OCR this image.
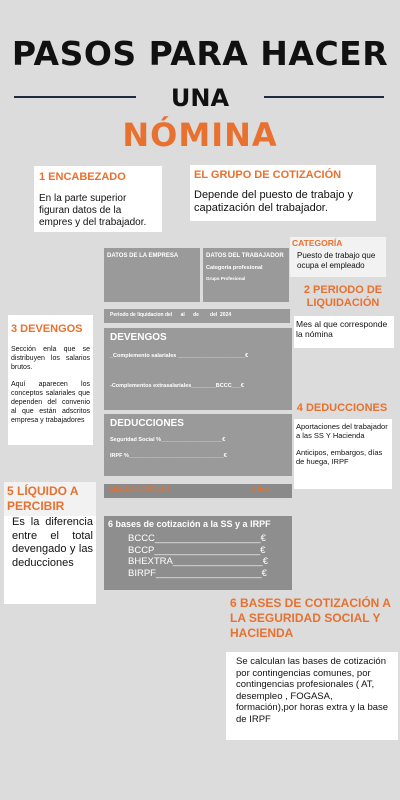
PASOS PARA HACER
UNA
NÓMINA
1 ENCABEZADO
En la parte superior figuran datos de la empres y del trabajador.
EL GRUPO DE COTIZACIÓN
Depende del puesto de trabajo y capatización del trabajador.
DATOS DE LA EMPRESA	DATOS DEL TRABAJADOR
Categoría profesional
Grupo Profesional
CATEGORÍA
Puesto de trabajo que ocupa el empleado
Periodo de liquidacion del      al      de        del  2024
2 PERIODO DE LIQUIDACIÓN
Mes al que corresponde la nómina
3 DEVENGOS
Sección enla que se distribuyen los salarios brutos.
Aquí aparecen los conceptos salariales que dependen del convenio al que están adscritos empresa y trabajadores
DEVENGOS
_Complemento salariales ______________________€
-Complementos extrasalariales________BCCC___€
DEDUCCIONES
Seguridad Social %____________________€
IRPF %_______________________________€
4 DEDUCCIONES
Aportaciones del trabajador a las SS Y Hacienda
Anticipos, embargos, días de huega, IRPF
LÍQUIDO A PERCIBIR	€ Neto
5 LÍQUIDO A PERCIBIR
Es la diferencia entre el total devengado y las deducciones
6 bases de cotización a la SS y a IRPF
BCCC____________________€
BCCP____________________€
BHEXTRA_________________€
BIRPF____________________€
6 BASES DE COTIZACIÓN A LA SEGURIDAD SOCIAL Y HACIENDA
Se calculan las bases de cotización por contingencias comunes, por contingencias profesionales ( AT, desempleo , FOGASA, formación),por horas extra y la base de IRPF
